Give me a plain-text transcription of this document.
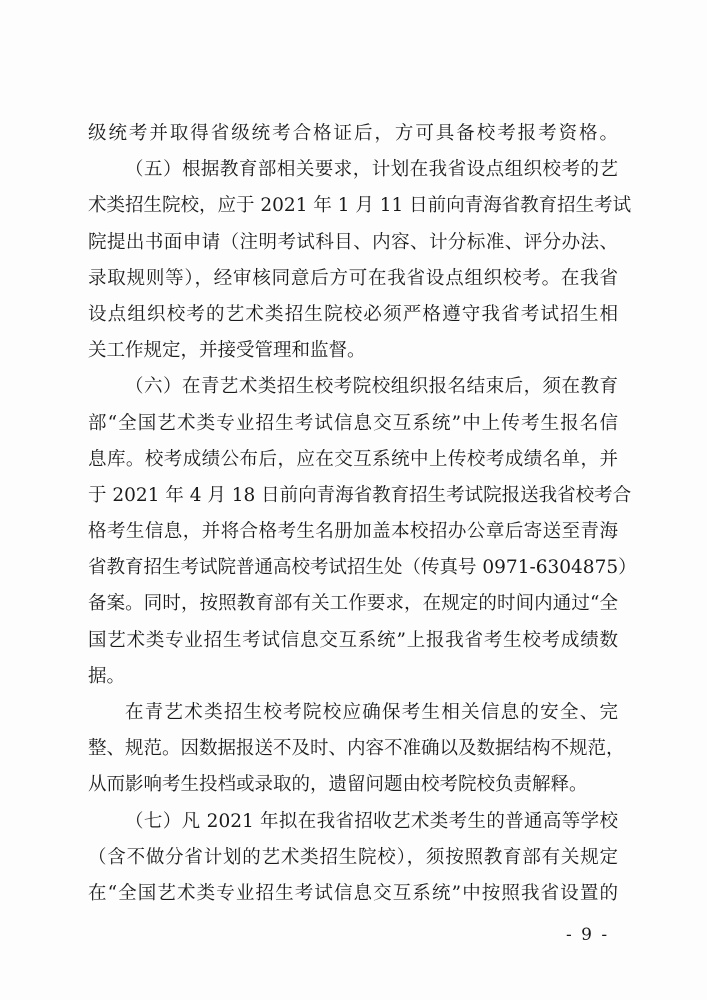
级统考并取得省级统考合格证后，方可具备校考报考资格。
（五）根据教育部相关要求，计划在我省设点组织校考的艺
术类招生院校，应于 2021 年 1 月 11 日前向青海省教育招生考试
院提出书面申请（注明考试科目、内容、计分标准、评分办法、
录取规则等），经审核同意后方可在我省设点组织校考。在我省
设点组织校考的艺术类招生院校必须严格遵守我省考试招生相
关工作规定，并接受管理和监督。
（六）在青艺术类招生校考院校组织报名结束后，须在教育
部“全国艺术类专业招生考试信息交互系统”中上传考生报名信
息库。校考成绩公布后，应在交互系统中上传校考成绩名单，并
于 2021 年 4 月 18 日前向青海省教育招生考试院报送我省校考合
格考生信息，并将合格考生名册加盖本校招办公章后寄送至青海
省教育招生考试院普通高校考试招生处（传真号 0971-6304875）
备案。同时，按照教育部有关工作要求，在规定的时间内通过“全
国艺术类专业招生考试信息交互系统”上报我省考生校考成绩数
据。
在青艺术类招生校考院校应确保考生相关信息的安全、完
整、规范。因数据报送不及时、内容不准确以及数据结构不规范，
从而影响考生投档或录取的，遗留问题由校考院校负责解释。
（七）凡 2021 年拟在我省招收艺术类考生的普通高等学校
（含不做分省计划的艺术类招生院校），须按照教育部有关规定
在“全国艺术类专业招生考试信息交互系统”中按照我省设置的
- 9 -
